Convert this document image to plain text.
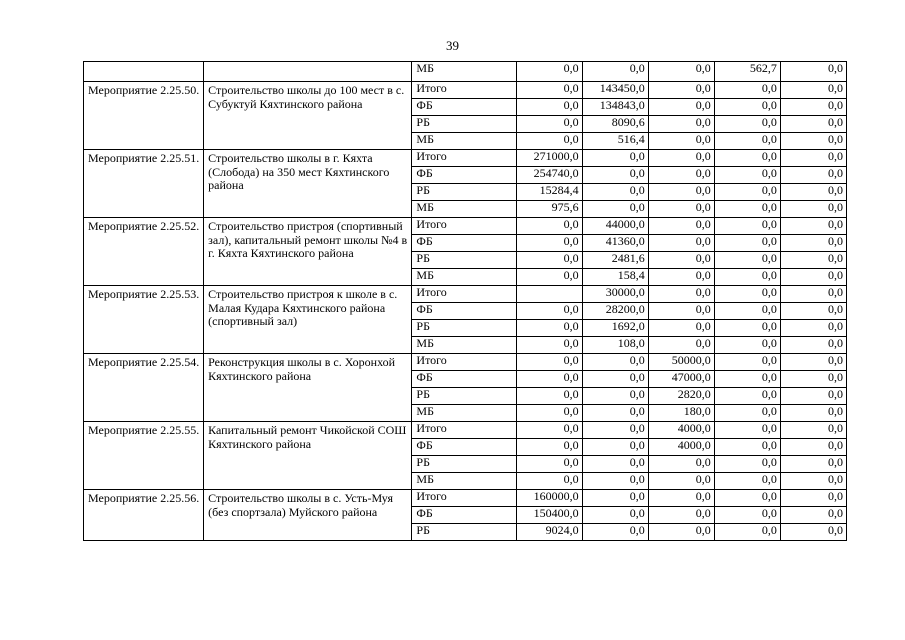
39
		МБ	0,0	0,0	0,0	562,7	0,0
Мероприятие 2.25.50.	Строительство школы до 100 мест в с. Субуктуй Кяхтинского района	Итого	0,0	143450,0	0,0	0,0	0,0
		ФБ	0,0	134843,0	0,0	0,0	0,0
		РБ	0,0	8090,6	0,0	0,0	0,0
		МБ	0,0	516,4	0,0	0,0	0,0
Мероприятие 2.25.51.	Строительство школы в г. Кяхта (Слобода) на 350 мест Кяхтинского района	Итого	271000,0	0,0	0,0	0,0	0,0
		ФБ	254740,0	0,0	0,0	0,0	0,0
		РБ	15284,4	0,0	0,0	0,0	0,0
		МБ	975,6	0,0	0,0	0,0	0,0
Мероприятие 2.25.52.	Строительство пристроя (спортивный зал), капитальный ремонт школы №4 в г. Кяхта Кяхтинского района	Итого	0,0	44000,0	0,0	0,0	0,0
		ФБ	0,0	41360,0	0,0	0,0	0,0
		РБ	0,0	2481,6	0,0	0,0	0,0
		МБ	0,0	158,4	0,0	0,0	0,0
Мероприятие 2.25.53.	Строительство пристроя к школе в с. Малая Кудара Кяхтинского района (спортивный зал)	Итого		30000,0	0,0	0,0	0,0
		ФБ	0,0	28200,0	0,0	0,0	0,0
		РБ	0,0	1692,0	0,0	0,0	0,0
		МБ	0,0	108,0	0,0	0,0	0,0
Мероприятие 2.25.54.	Реконструкция школы в с. Хоронхой Кяхтинского района	Итого	0,0	0,0	50000,0	0,0	0,0
		ФБ	0,0	0,0	47000,0	0,0	0,0
		РБ	0,0	0,0	2820,0	0,0	0,0
		МБ	0,0	0,0	180,0	0,0	0,0
Мероприятие 2.25.55.	Капитальный ремонт Чикойской СОШ Кяхтинского района	Итого	0,0	0,0	4000,0	0,0	0,0
		ФБ	0,0	0,0	4000,0	0,0	0,0
		РБ	0,0	0,0	0,0	0,0	0,0
		МБ	0,0	0,0	0,0	0,0	0,0
Мероприятие 2.25.56.	Строительство школы в с. Усть-Муя (без спортзала) Муйского района	Итого	160000,0	0,0	0,0	0,0	0,0
		ФБ	150400,0	0,0	0,0	0,0	0,0
		РБ	9024,0	0,0	0,0	0,0	0,0
